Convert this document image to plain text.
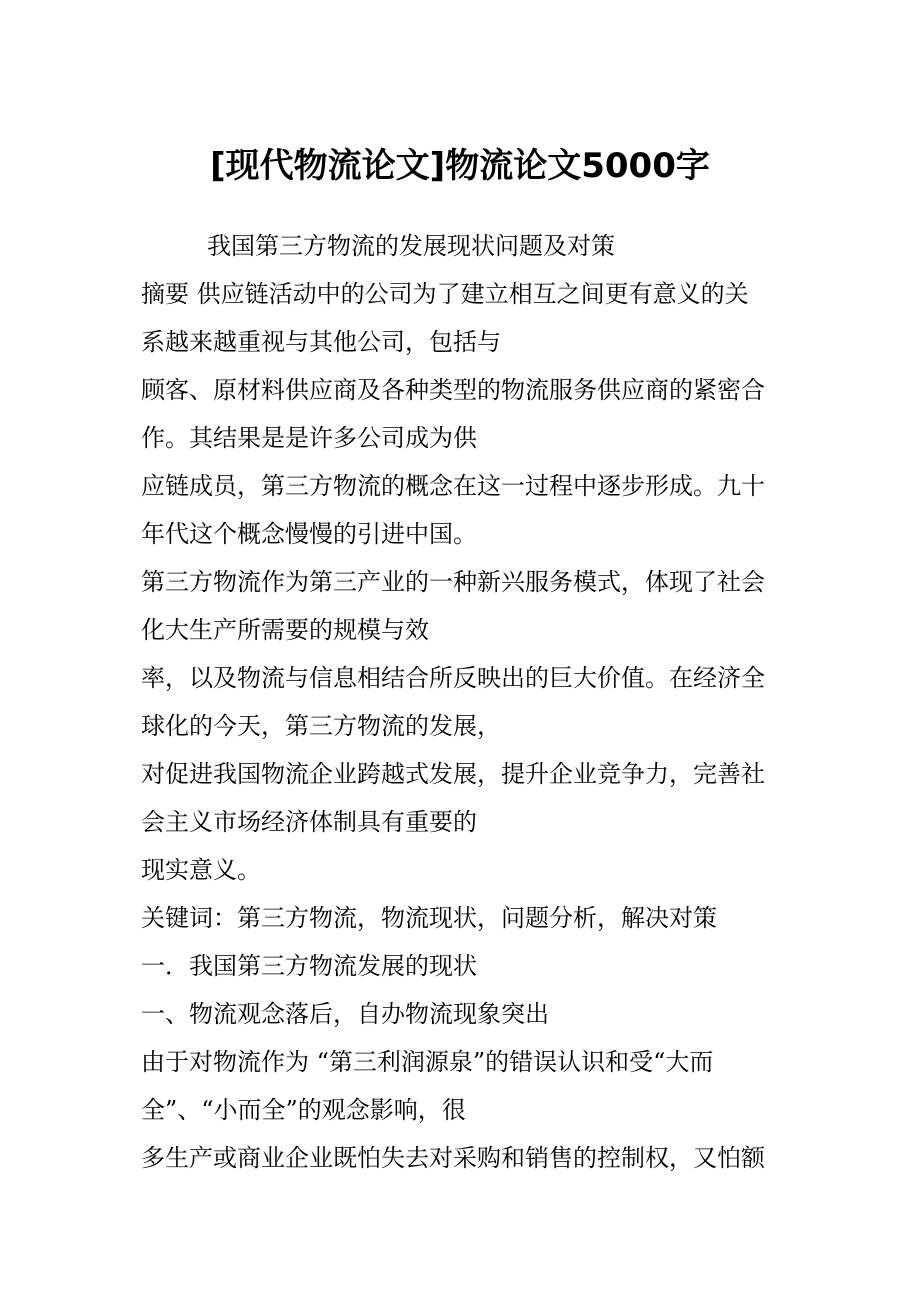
[现代物流论文]物流论文5000字

我国第三方物流的发展现状问题及对策

摘要 供应链活动中的公司为了建立相互之间更有意义的关

系越来越重视与其他公司，包括与

顾客、原材料供应商及各种类型的物流服务供应商的紧密合

作。其结果是是许多公司成为供

应链成员，第三方物流的概念在这一过程中逐步形成。九十

年代这个概念慢慢的引进中国。

第三方物流作为第三产业的一种新兴服务模式，体现了社会

化大生产所需要的规模与效

率，以及物流与信息相结合所反映出的巨大价值。在经济全

球化的今天，第三方物流的发展，

对促进我国物流企业跨越式发展，提升企业竞争力，完善社

会主义市场经济体制具有重要的

现实意义。

关键词：第三方物流，物流现状，问题分析，解决对策

一．我国第三方物流发展的现状

一、物流观念落后，自办物流现象突出

由于对物流作为 “第三利润源泉”的错误认识和受“大而

全”、“小而全”的观念影响，很

多生产或商业企业既怕失去对采购和销售的控制权，又怕额
